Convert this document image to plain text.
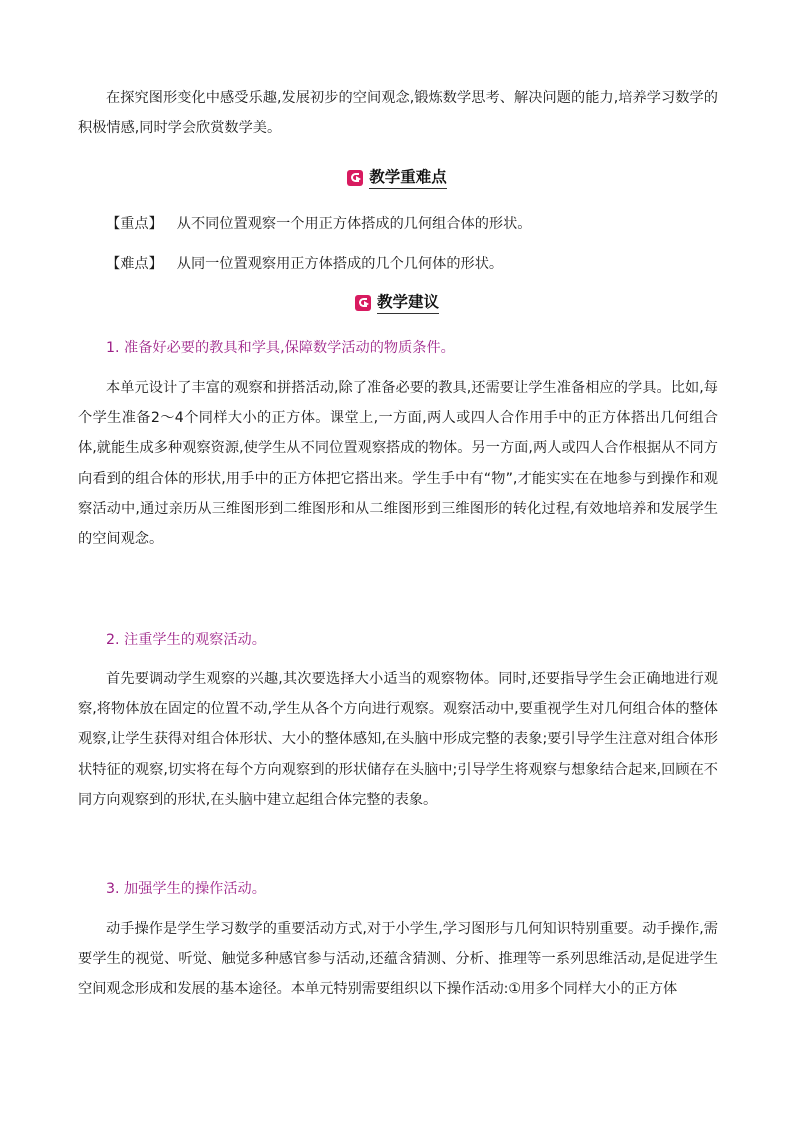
在探究图形变化中感受乐趣,发展初步的空间观念,锻炼数学思考、解决问题的能力,培养学习数学的积极情感,同时学会欣赏数学美。

教学重难点
【重点】 从不同位置观察一个用正方体搭成的几何组合体的形状。
【难点】 从同一位置观察用正方体搭成的几个几何体的形状。
教学建议
1. 准备好必要的教具和学具,保障数学活动的物质条件。

本单元设计了丰富的观察和拼搭活动,除了准备必要的教具,还需要让学生准备相应的学具。比如,每个学生准备2～4个同样大小的正方体。课堂上,一方面,两人或四人合作用手中的正方体搭出几何组合体,就能生成多种观察资源,使学生从不同位置观察搭成的物体。另一方面,两人或四人合作根据从不同方向看到的组合体的形状,用手中的正方体把它搭出来。学生手中有“物”,才能实实在在地参与到操作和观察活动中,通过亲历从三维图形到二维图形和从二维图形到三维图形的转化过程,有效地培养和发展学生的空间观念。

2. 注重学生的观察活动。

首先要调动学生观察的兴趣,其次要选择大小适当的观察物体。同时,还要指导学生会正确地进行观察,将物体放在固定的位置不动,学生从各个方向进行观察。观察活动中,要重视学生对几何组合体的整体观察,让学生获得对组合体形状、大小的整体感知,在头脑中形成完整的表象;要引导学生注意对组合体形状特征的观察,切实将在每个方向观察到的形状储存在头脑中;引导学生将观察与想象结合起来,回顾在不同方向观察到的形状,在头脑中建立起组合体完整的表象。

3. 加强学生的操作活动。

动手操作是学生学习数学的重要活动方式,对于小学生,学习图形与几何知识特别重要。动手操作,需要学生的视觉、听觉、触觉多种感官参与活动,还蕴含猜测、分析、推理等一系列思维活动,是促进学生空间观念形成和发展的基本途径。本单元特别需要组织以下操作活动:①用多个同样大小的正方体
